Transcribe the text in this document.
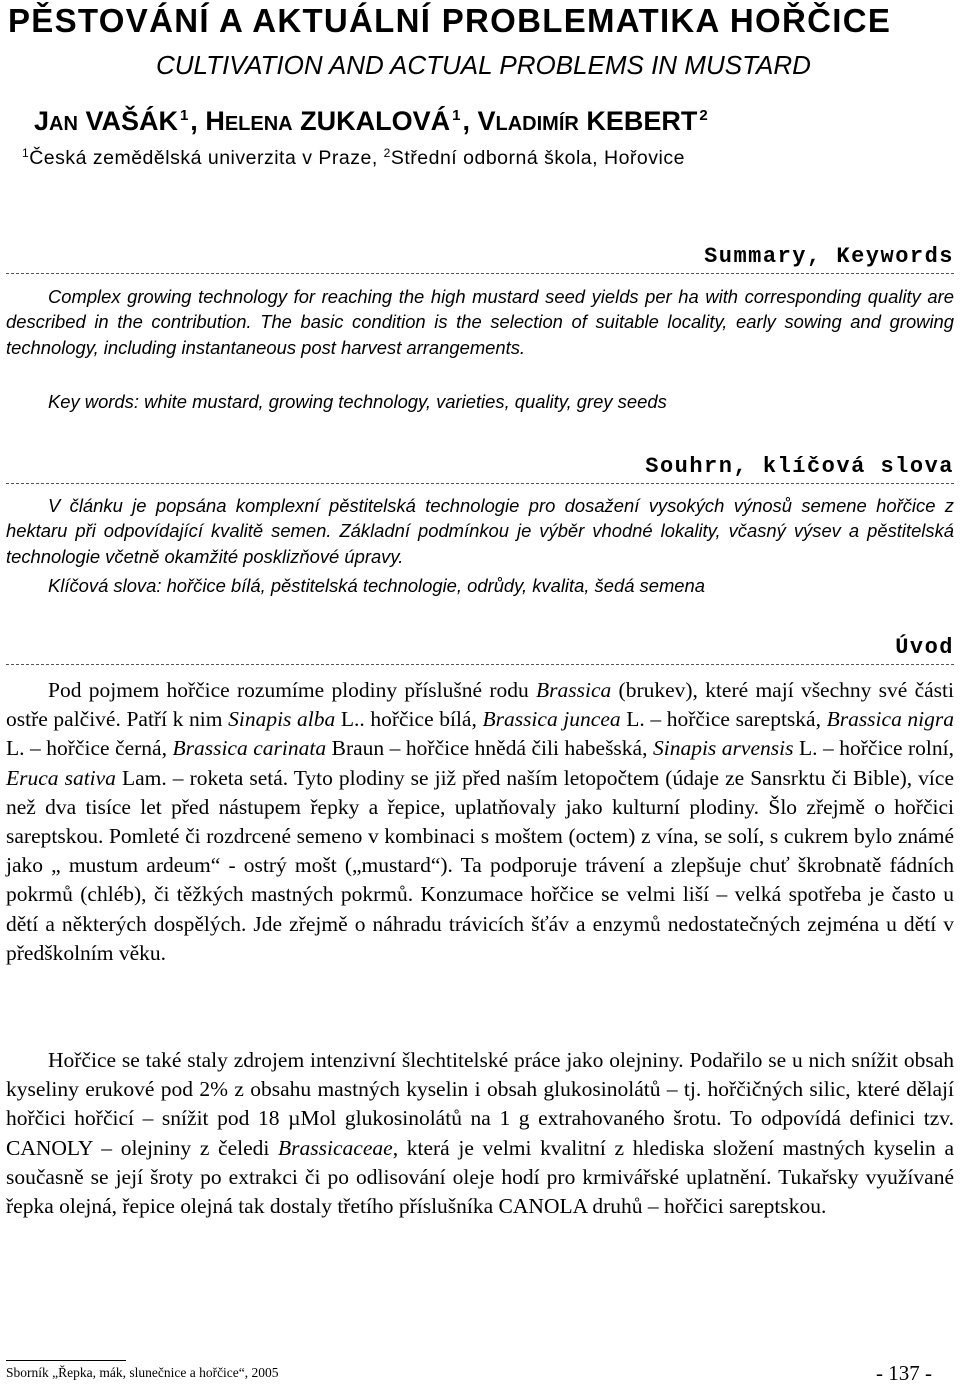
PĚSTOVÁNÍ A AKTUÁLNÍ PROBLEMATIKA HOŘČICE
CULTIVATION AND ACTUAL PROBLEMS IN MUSTARD
JAN VAŠÁK $^1$, HELENA ZUKALOVÁ $^1$, VLADIMÍR KEBERT $^2$
$^1$Česká zemědělská univerzita v Praze, $^2$Střední odborná škola, Hořovice
Summary, Keywords

Complex growing technology for reaching the high mustard seed yields per ha with corresponding quality are described in the contribution. The basic condition is the selection of suitable locality, early sowing and growing technology, including instantaneous post harvest arrangements.

Key words: white mustard, growing technology, varieties, quality, grey seeds

Souhrn, klíčová slova

V článku je popsána komplexní pěstitelská technologie pro dosažení vysokých výnosů semene hořčice z hektaru při odpovídající kvalitě semen. Základní podmínkou je výběr vhodné lokality, včasný výsev a pěstitelská technologie včetně okamžité posklizňové úpravy.

Klíčová slova: hořčice bílá, pěstitelská technologie, odrůdy, kvalita, šedá semena

Úvod

Pod pojmem hořčice rozumíme plodiny příslušné rodu Brassica (brukev), které mají všechny své části ostře palčivé. Patří k nim Sinapis alba L.. hořčice bílá, Brassica juncea L. – hořčice sareptská, Brassica nigra L. – hořčice černá, Brassica carinata Braun – hořčice hnědá čili habešská, Sinapis arvensis L. – hořčice rolní, Eruca sativa Lam. – roketa setá. Tyto plodiny se již před naším letopočtem (údaje ze Sansrktu či Bible), více než dva tisíce let před nástupem řepky a řepice, uplatňovaly jako kulturní plodiny. Šlo zřejmě o hořčici sareptskou. Pomleté či rozdrcené semeno v kombinaci s moštem (octem) z vína, se solí, s cukrem bylo známé jako „ mustum ardeum“ - ostrý mošt („mustard“). Ta podporuje trávení a zlepšuje chuť škrobnatě fádních pokrmů (chléb), či těžkých mastných pokrmů. Konzumace hořčice se velmi liší – velká spotřeba je často u dětí a některých dospělých. Jde zřejmě o náhradu trávicích šťáv a enzymů nedostatečných zejména u dětí v předškolním věku.

Hořčice se také staly zdrojem intenzivní šlechtitelské práce jako olejniny. Podařilo se u nich snížit obsah kyseliny erukové pod 2% z obsahu mastných kyselin i obsah glukosinolátů – tj. hořčičných silic, které dělají hořčici hořčicí – snížit pod 18 µMol glukosinolátů na 1 g extrahovaného šrotu. To odpovídá definici tzv. CANOLY – olejniny z čeledi Brassicaceae, která je velmi kvalitní z hlediska složení mastných kyselin a současně se její šroty po extrakci či po odlisování oleje hodí pro krmivářské uplatnění. Tukařsky využívané řepka olejná, řepice olejná tak dostaly třetího příslušníka CANOLA druhů – hořčici sareptskou.

Sborník „Řepka, mák, slunečnice a hořčice“, 2005	- 137 -
